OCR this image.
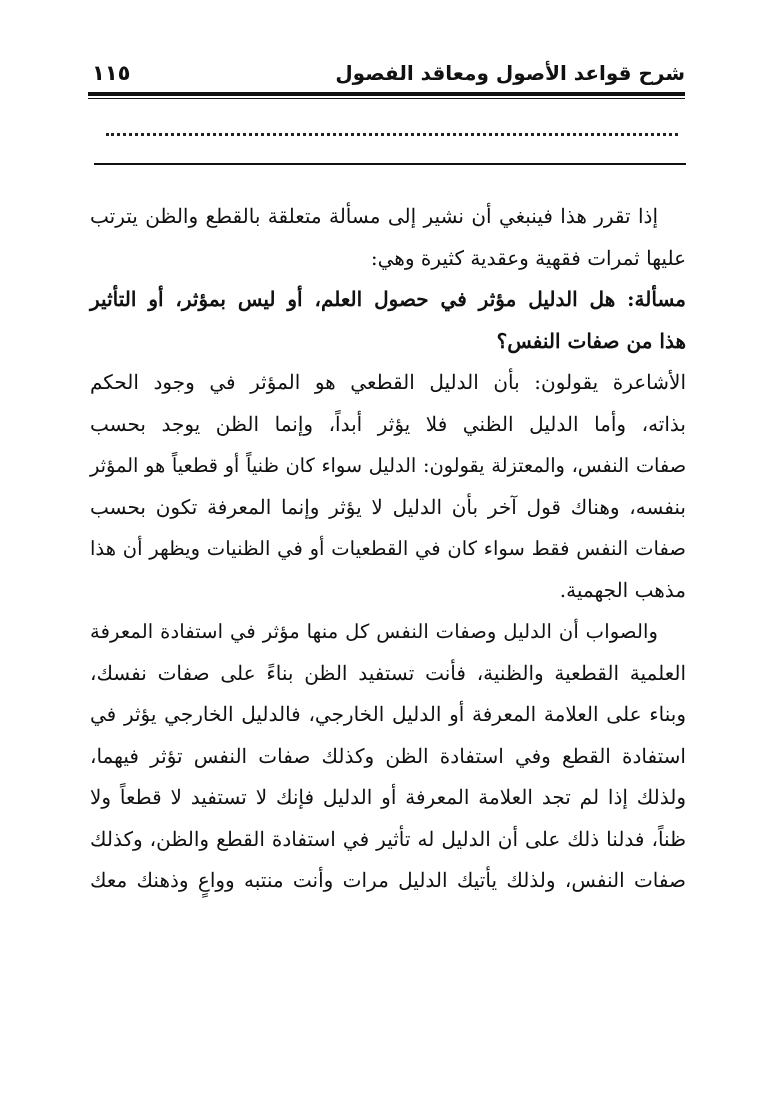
شرح قواعد الأصول ومعاقد الفصول
١١٥

إذا تقرر هذا فينبغي أن نشير إلى مسألة متعلقة بالقطع والظن يترتب
عليها ثمرات فقهية وعقدية كثيرة وهي:

مسألة: هل الدليل مؤثر في حصول العلم، أو ليس بمؤثر، أو التأثير
هذا من صفات النفس؟

الأشاعرة يقولون: بأن الدليل القطعي هو المؤثر في وجود الحكم
بذاته، وأما الدليل الظني فلا يؤثر أبداً، وإنما الظن يوجد بحسب
صفات النفس، والمعتزلة يقولون: الدليل سواء كان ظنياً أو قطعياً هو المؤثر
بنفسه، وهناك قول آخر بأن الدليل لا يؤثر وإنما المعرفة تكون بحسب
صفات النفس فقط سواء كان في القطعيات أو في الظنيات ويظهر أن هذا
مذهب الجهمية.

والصواب أن الدليل وصفات النفس كل منها مؤثر في استفادة المعرفة
العلمية القطعية والظنية، فأنت تستفيد الظن بناءً على صفات نفسك،
وبناء على العلامة المعرفة أو الدليل الخارجي، فالدليل الخارجي يؤثر في
استفادة القطع وفي استفادة الظن وكذلك صفات النفس تؤثر فيهما،
ولذلك إذا لم تجد العلامة المعرفة أو الدليل فإنك لا تستفيد لا قطعاً ولا
ظناً، فدلنا ذلك على أن الدليل له تأثير في استفادة القطع والظن، وكذلك
صفات النفس، ولذلك يأتيك الدليل مرات وأنت منتبه وواعٍ وذهنك معك
